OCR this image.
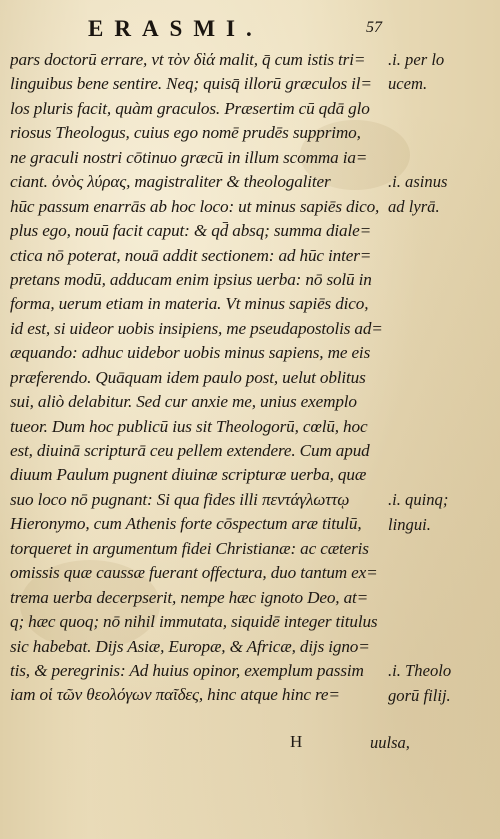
ERASMI.	57
pars doctorū errare, vt τὸν δὶά malit, q̄ cum istis tri=
linguibus bene sentire. Neq; quisq̄ illorū græculos il=
los pluris facit, quàm graculos. Præsertim cū qdā glo
riosus Theologus, cuius ego nomē prudēs supprimo,
ne graculi nostri cōtinuo græcū in illum scomma ia=
ciant. ὀνὸς λύρας, magistraliter & theologaliter
hūc passum enarrās ab hoc loco: ut minus sapiēs dico,
plus ego, nouū facit caput: & qd̄ absq; summa diale=
ctica nō poterat, nouā addit sectionem: ad hūc inter=
pretans modū, adducam enim ipsius uerba: nō solū in
forma, uerum etiam in materia. Vt minus sapiēs dico,
id est, si uideor uobis insipiens, me pseudapostolis ad=
æquando: adhuc uidebor uobis minus sapiens, me eis
præferendo. Quāquam idem paulo post, uelut oblitus
sui, aliò delabitur. Sed cur anxie me, unius exemplo
tueor. Dum hoc publicū ius sit Theologorū, cœlū, hoc
est, diuinā scripturā ceu pellem extendere. Cum apud
diuum Paulum pugnent diuinæ scripturæ uerba, quæ
suo loco nō pugnant: Si qua fides illi πεντάγλωττῳ
Hieronymo, cum Athenis forte cōspectum aræ titulū,
torqueret in argumentum fidei Christianæ: ac cæteris
omissis quæ caussæ fuerant offectura, duo tantum ex=
trema uerba decerpserit, nempe hæc ignoto Deo, at=
q; hæc quoq; nō nihil immutata, siquidē integer titulus
sic habebat. Dijs Asiæ, Europæ, & Africæ, dijs igno=
tis, & peregrinis: Ad huius opinor, exemplum passim
iam οἱ τῶν θεολόγων παῖδες, hinc atque hinc re=
.i. per lo
ucem.
.i. asinus
ad lyrā.
.i. quinq;
lingui.
.i. Theolo
gorū filij.
H	uulsa,
